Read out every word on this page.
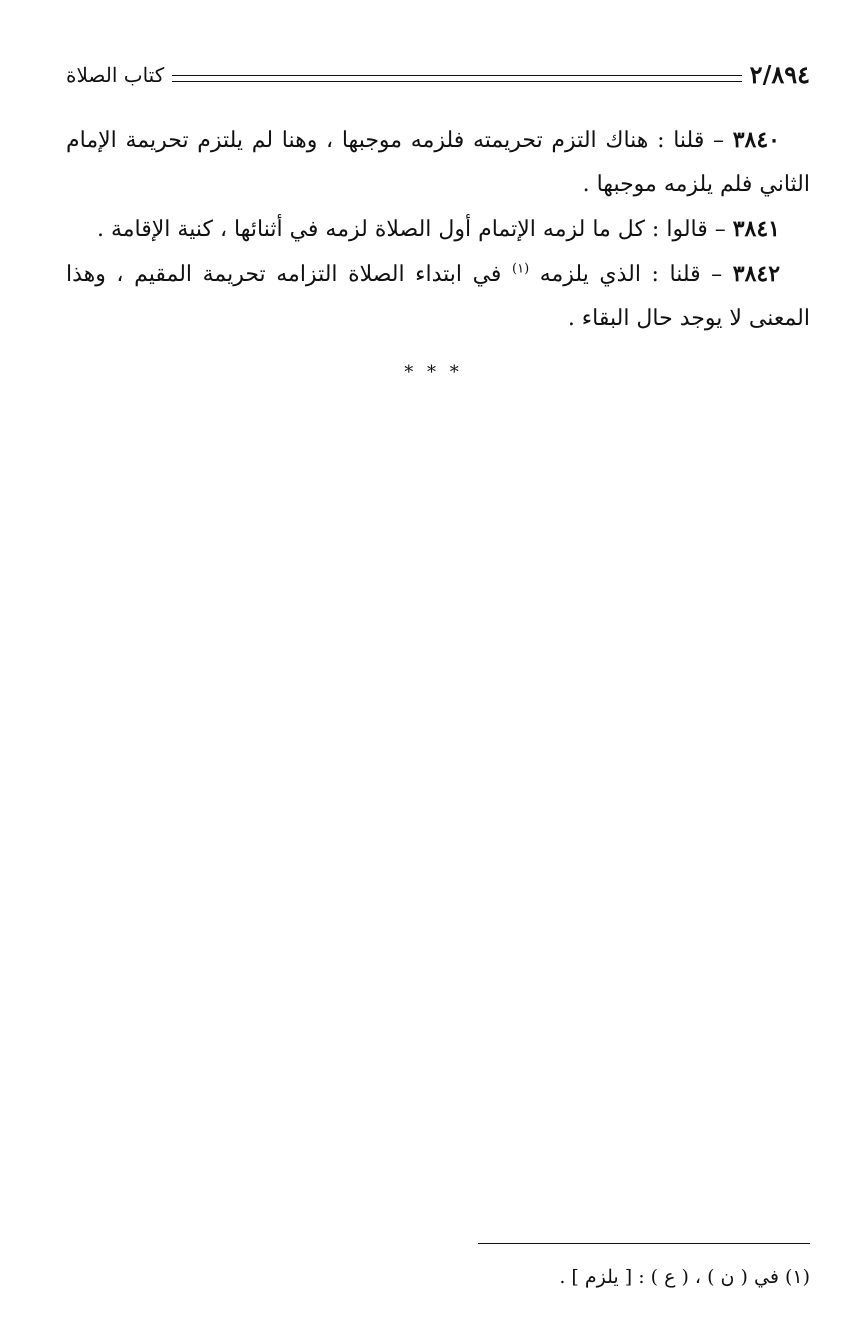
٢/٨٩٤
كتاب الصلاة

٣٨٤٠ – قلنا : هناك التزم تحريمته فلزمه موجبها ، وهنا لم يلتزم تحريمة الإمام الثاني فلم يلزمه موجبها .

٣٨٤١ – قالوا : كل ما لزمه الإتمام أول الصلاة لزمه في أثنائها ، كنية الإقامة .

٣٨٤٢ – قلنا : الذي يلزمه $^{(١)}$ في ابتداء الصلاة التزامه تحريمة المقيم ، وهذا المعنى لا يوجد حال البقاء .

* * *
(١) في ( ن ) ، ( ع ) : [ يلزم ] .
